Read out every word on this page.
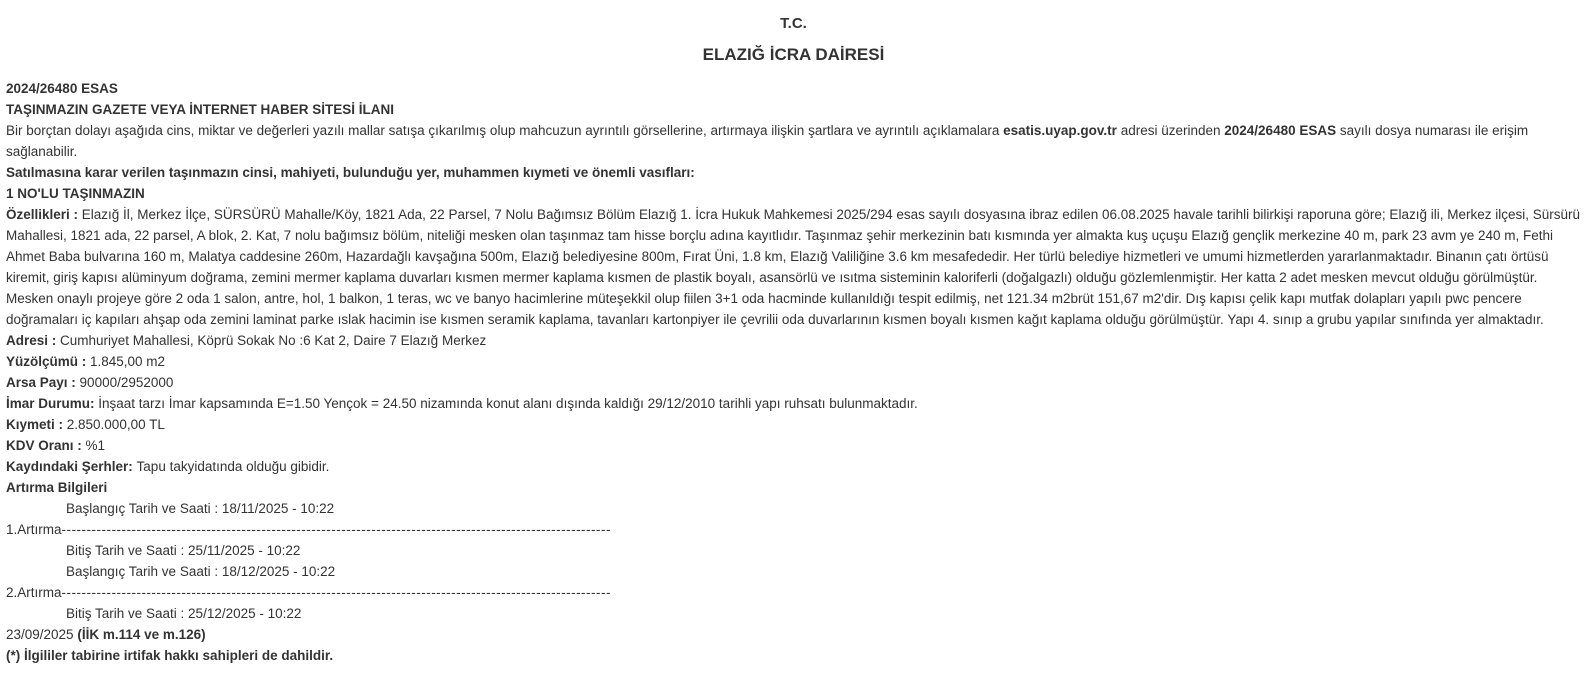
T.C.
ELAZIĞ İCRA DAİRESİ
2024/26480 ESAS
TAŞINMAZIN GAZETE VEYA İNTERNET HABER SİTESİ İLANI

Bir borçtan dolayı aşağıda cins, miktar ve değerleri yazılı mallar satışa çıkarılmış olup mahcuzun ayrıntılı görsellerine, artırmaya ilişkin şartlara ve ayrıntılı açıklamalara esatis.uyap.gov.tr adresi üzerinden 2024/26480 ESAS sayılı dosya numarası ile erişim sağlanabilir.

Satılmasına karar verilen taşınmazın cinsi, mahiyeti, bulunduğu yer, muhammen kıymeti ve önemli vasıfları:
1 NO'LU TAŞINMAZIN

Özellikleri : Elazığ İl, Merkez İlçe, SÜRSÜRÜ Mahalle/Köy, 1821 Ada, 22 Parsel, 7 Nolu Bağımsız Bölüm Elazığ 1. İcra Hukuk Mahkemesi 2025/294 esas sayılı dosyasına ibraz edilen 06.08.2025 havale tarihli bilirkişi raporuna göre; Elazığ ili, Merkez ilçesi, Sürsürü Mahallesi, 1821 ada, 22 parsel, A blok, 2. Kat, 7 nolu bağımsız bölüm, niteliği mesken olan taşınmaz tam hisse borçlu adına kayıtlıdır. Taşınmaz şehir merkezinin batı kısmında yer almakta kuş uçuşu Elazığ gençlik merkezine 40 m, park 23 avm ye 240 m, Fethi Ahmet Baba bulvarına 160 m, Malatya caddesine 260m, Hazardağlı kavşağına 500m, Elazığ belediyesine 800m, Fırat Üni, 1.8 km, Elazığ Valiliğine 3.6 km mesafededir. Her türlü belediye hizmetleri ve umumi hizmetlerden yararlanmaktadır. Binanın çatı örtüsü kiremit, giriş kapısı alüminyum doğrama, zemini mermer kaplama duvarları kısmen mermer kaplama kısmen de plastik boyalı, asansörlü ve ısıtma sisteminin kaloriferli (doğalgazlı) olduğu gözlemlenmiştir. Her katta 2 adet mesken mevcut olduğu görülmüştür. Mesken onaylı projeye göre 2 oda 1 salon, antre, hol, 1 balkon, 1 teras, wc ve banyo hacimlerine müteşekkil olup fiilen 3+1 oda hacminde kullanıldığı tespit edilmiş, net 121.34 m2brüt 151,67 m2'dir. Dış kapısı çelik kapı mutfak dolapları yapılı pwc pencere doğramaları iç kapıları ahşap oda zemini laminat parke ıslak hacimin ise kısmen seramik kaplama, tavanları kartonpiyer ile çevrilii oda duvarlarının kısmen boyalı kısmen kağıt kaplama olduğu görülmüştür. Yapı 4. sınıp a grubu yapılar sınıfında yer almaktadır.

Adresi : Cumhuriyet Mahallesi, Köprü Sokak No :6 Kat 2, Daire 7 Elazığ Merkez

Yüzölçümü : 1.845,00 m2

Arsa Payı : 90000/2952000

İmar Durumu: İnşaat tarzı İmar kapsamında E=1.50 Yençok = 24.50 nizamında konut alanı dışında kaldığı 29/12/2010 tarihli yapı ruhsatı bulunmaktadır.

Kıymeti : 2.850.000,00 TL

KDV Oranı : %1

Kaydındaki Şerhler: Tapu takyidatında olduğu gibidir.

Artırma Bilgileri
Başlangıç Tarih ve Saati : 18/11/2025 - 10:22
1.Artırma--------------------------------------------------------------------------------------------------------------
Bitiş Tarih ve Saati : 25/11/2025 - 10:22
Başlangıç Tarih ve Saati : 18/12/2025 - 10:22
2.Artırma--------------------------------------------------------------------------------------------------------------
Bitiş Tarih ve Saati : 25/12/2025 - 10:22
23/09/2025 (İİK m.114 ve m.126)
(*) İlgililer tabirine irtifak hakkı sahipleri de dahildir.
